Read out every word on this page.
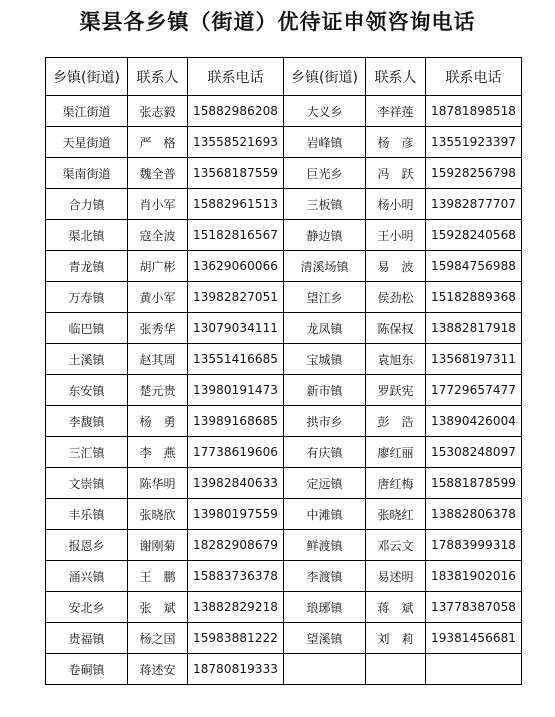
渠县各乡镇（街道）优待证申领咨询电话
乡镇(街道)	联系人	联系电话	乡镇(街道)	联系人	联系电话
渠江街道	张志毅	15882986208	大义乡	李祥莲	18781898518
天星街道	严　格	13558521693	岩峰镇	杨　彦	13551923397
渠南街道	魏全普	13568187559	巨光乡	冯　跃	15928256798
合力镇	肖小军	15882961513	三板镇	杨小明	13982877707
渠北镇	寇全波	15182816567	静边镇	王小明	15928240568
青龙镇	胡广彬	13629060066	清溪场镇	易　波	15984756988
万寿镇	黄小军	13982827051	望江乡	侯劲松	15182889368
临巴镇	张秀华	13079034111	龙凤镇	陈保权	13882817918
土溪镇	赵其周	13551416685	宝城镇	袁旭东	13568197311
东安镇	楚元贵	13980191473	新市镇	罗跃宪	17729657477
李馥镇	杨　勇	13989168685	拱市乡	彭　浩	13890426004
三汇镇	李　燕	17738619606	有庆镇	廖红丽	15308248097
文崇镇	陈华明	13982840633	定远镇	唐红梅	15881878599
丰乐镇	张晓欣	13980197559	中滩镇	张晓红	13882806378
报恩乡	谢刚菊	18282908679	鲜渡镇	邓云文	17883999318
涌兴镇	王　鹏	15883736378	李渡镇	易述明	18381902016
安北乡	张　斌	13882829218	琅琊镇	蒋　斌	13778387058
贵福镇	杨之国	15983881222	望溪镇	刘　莉	19381456681
卷硐镇	蒋述安	18780819333			
